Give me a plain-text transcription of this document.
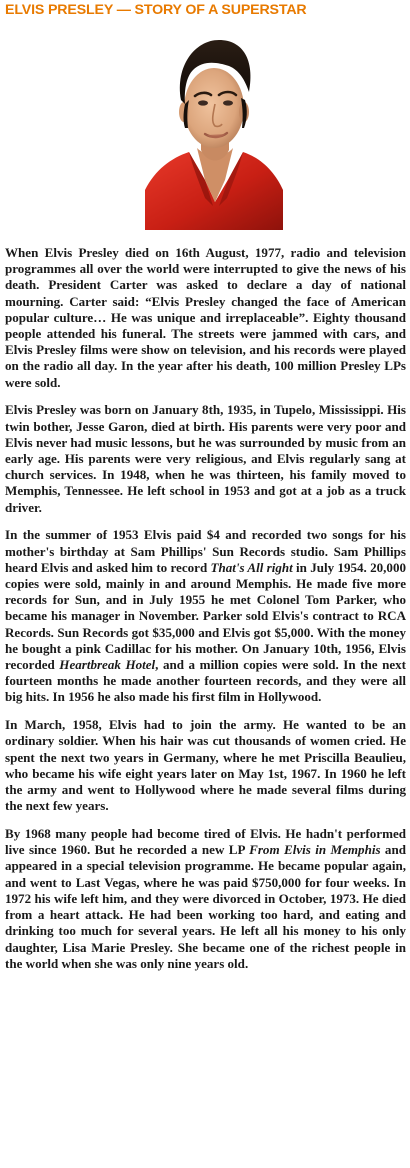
ELVIS PRESLEY — STORY OF A SUPERSTAR

When Elvis Presley died on 16th August, 1977, radio and television programmes all over the world were interrupted to give the news of his death. President Carter was asked to declare a day of national mourning. Carter said: “Elvis Presley changed the face of American popular culture… He was unique and irreplaceable”. Eighty thousand people attended his funeral. The streets were jammed with cars, and Elvis Presley films were show on television, and his records were played on the radio all day. In the year after his death, 100 million Presley LPs were sold.

Elvis Presley was born on January 8th, 1935, in Tupelo, Mississippi. His twin bother, Jesse Garon, died at birth. His parents were very poor and Elvis never had music lessons, but he was surrounded by music from an early age. His parents were very religious, and Elvis regularly sang at church services. In 1948, when he was thirteen, his family moved to Memphis, Tennessee. He left school in 1953 and got at a job as a truck driver.

In the summer of 1953 Elvis paid $4 and recorded two songs for his mother's birthday at Sam Phillips' Sun Records studio. Sam Phillips heard Elvis and asked him to record That's All right in July 1954. 20,000 copies were sold, mainly in and around Memphis. He made five more records for Sun, and in July 1955 he met Colonel Tom Parker, who became his manager in November. Parker sold Elvis's contract to RCA Records. Sun Records got $35,000 and Elvis got $5,000. With the money he bought a pink Cadillac for his mother. On January 10th, 1956, Elvis recorded Heartbreak Hotel, and a million copies were sold. In the next fourteen months he made another fourteen records, and they were all big hits. In 1956 he also made his first film in Hollywood.

In March, 1958, Elvis had to join the army. He wanted to be an ordinary soldier. When his hair was cut thousands of women cried. He spent the next two years in Germany, where he met Priscilla Beaulieu, who became his wife eight years later on May 1st, 1967. In 1960 he left the army and went to Hollywood where he made several films during the next few years.

By 1968 many people had become tired of Elvis. He hadn't performed live since 1960. But he recorded a new LP From Elvis in Memphis and appeared in a special television programme. He became popular again, and went to Last Vegas, where he was paid $750,000 for four weeks. In 1972 his wife left him, and they were divorced in October, 1973. He died from a heart attack. He had been working too hard, and eating and drinking too much for several years. He left all his money to his only daughter, Lisa Marie Presley. She became one of the richest people in the world when she was only nine years old.
